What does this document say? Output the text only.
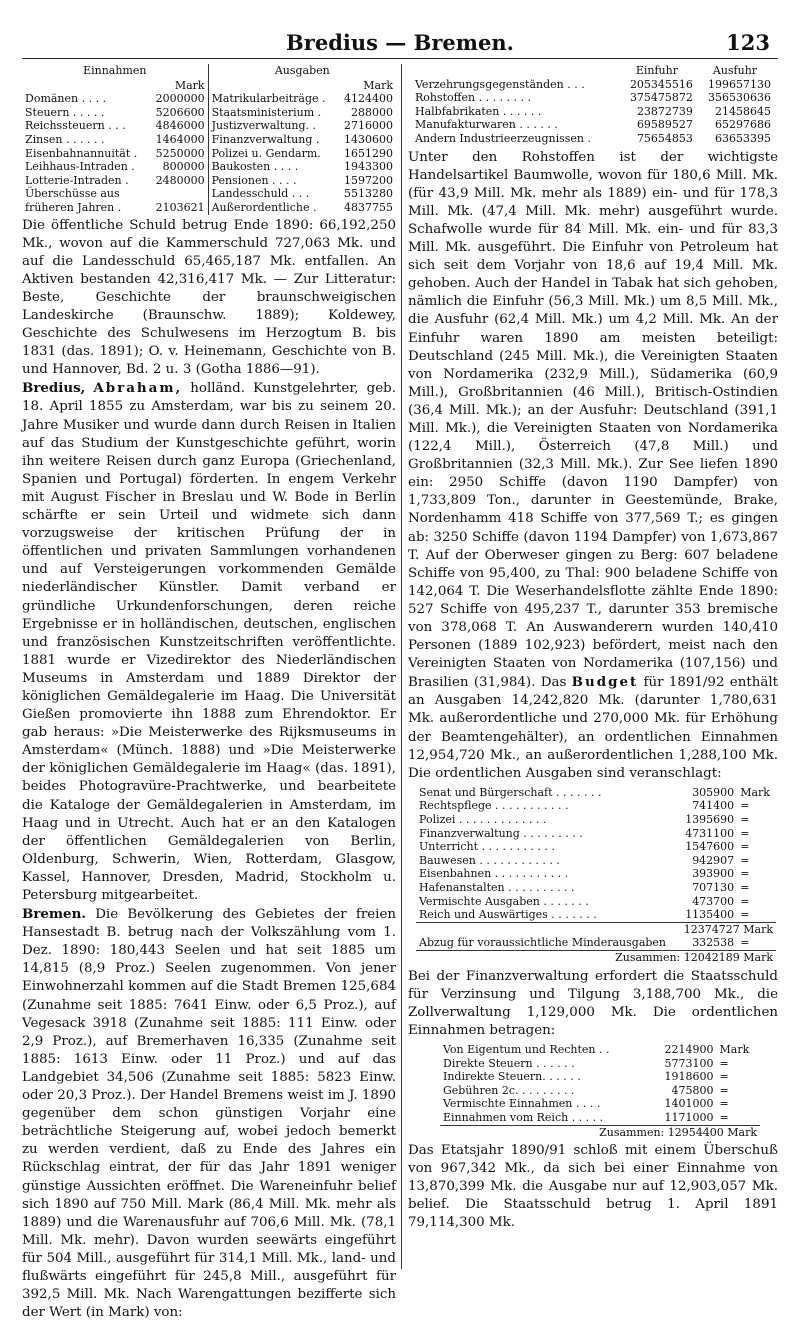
Bredius — Bremen.	123
Einnahmen		Ausgaben	
	Mark		Mark
Domänen . . . .	2000000	Matrikularbeiträge .	4124400
Steuern . . . . .	5206600	Staatsministerium .	288000
Reichssteuern . . .	4846000	Justizverwaltung. .	2716000
Zinsen . . . . . .	1464000	Finanzverwaltung .	1430600
Eisenbahnannuität .	5250000	Polizei u. Gendarm.	1651290
Leihhaus-Intraden .	800000	Baukosten . . . .	1943300
Lotterie-Intraden .	2480000	Pensionen . . . .	1597200
Überschüsse aus		Landesschuld . . .	5513280
früheren Jahren .	2103621	Außerordentliche .	4837755

Die öffentliche Schuld betrug Ende 1890: 66,192,250 Mk., wovon auf die Kammerschuld 727,063 Mk. und auf die Landesschuld 65,465,187 Mk. entfallen. An Aktiven bestanden 42,316,417 Mk. — Zur Litteratur: Beste, Geschichte der braunschweigischen Landeskirche (Braunschw. 1889); Koldewey, Geschichte des Schulwesens im Herzogtum B. bis 1831 (das. 1891); O. v. Heinemann, Geschichte von B. und Hannover, Bd. 2 u. 3 (Gotha 1886—91).

Bredius, Abraham, holländ. Kunstgelehrter, geb. 18. April 1855 zu Amsterdam, war bis zu seinem 20. Jahre Musiker und wurde dann durch Reisen in Italien auf das Studium der Kunstgeschichte geführt, worin ihn weitere Reisen durch ganz Europa (Griechenland, Spanien und Portugal) förderten. In engem Verkehr mit August Fischer in Breslau und W. Bode in Berlin schärfte er sein Urteil und widmete sich dann vorzugsweise der kritischen Prüfung der in öffentlichen und privaten Sammlungen vorhandenen und auf Versteigerungen vorkommenden Gemälde niederländischer Künstler. Damit verband er gründliche Urkundenforschungen, deren reiche Ergebnisse er in holländischen, deutschen, englischen und französischen Kunstzeitschriften veröffentlichte. 1881 wurde er Vizedirektor des Niederländischen Museums in Amsterdam und 1889 Direktor der königlichen Gemäldegalerie im Haag. Die Universität Gießen promovierte ihn 1888 zum Ehrendoktor. Er gab heraus: »Die Meisterwerke des Rijksmuseums in Amsterdam« (Münch. 1888) und »Die Meisterwerke der königlichen Gemäldegalerie im Haag« (das. 1891), beides Photogravüre-Prachtwerke, und bearbeitete die Kataloge der Gemäldegalerien in Amsterdam, im Haag und in Utrecht. Auch hat er an den Katalogen der öffentlichen Gemäldegalerien von Berlin, Oldenburg, Schwerin, Wien, Rotterdam, Glasgow, Kassel, Hannover, Dresden, Madrid, Stockholm u. Petersburg mitgearbeitet.

Bremen. Die Bevölkerung des Gebietes der freien Hansestadt B. betrug nach der Volkszählung vom 1. Dez. 1890: 180,443 Seelen und hat seit 1885 um 14,815 (8,9 Proz.) Seelen zugenommen. Von jener Einwohnerzahl kommen auf die Stadt Bremen 125,684 (Zunahme seit 1885: 7641 Einw. oder 6,5 Proz.), auf Vegesack 3918 (Zunahme seit 1885: 111 Einw. oder 2,9 Proz.), auf Bremerhaven 16,335 (Zunahme seit 1885: 1613 Einw. oder 11 Proz.) und auf das Landgebiet 34,506 (Zunahme seit 1885: 5823 Einw. oder 20,3 Proz.). Der Handel Bremens weist im J. 1890 gegenüber dem schon günstigen Vorjahr eine beträchtliche Steigerung auf, wobei jedoch bemerkt zu werden verdient, daß zu Ende des Jahres ein Rückschlag eintrat, der für das Jahr 1891 weniger günstige Aussichten eröffnet. Die Wareneinfuhr belief sich 1890 auf 750 Mill. Mark (86,4 Mill. Mk. mehr als 1889) und die Warenausfuhr auf 706,6 Mill. Mk. (78,1 Mill. Mk. mehr). Davon wurden seewärts eingeführt für 504 Mill., ausgeführt für 314,1 Mill. Mk., land- und flußwärts eingeführt für 245,8 Mill., ausgeführt für 392,5 Mill. Mk. Nach Warengattungen bezifferte sich der Wert (in Mark) von:

	Einfuhr	Ausfuhr
Verzehrungsgegenständen . . .	205345516	199657130
Rohstoffen . . . . . . . .	375475872	356530636
Halbfabrikaten . . . . . .	23872739	21458645
Manufakturwaren . . . . . .	69589527	65297686
Andern Industrieerzeugnissen .	75654853	63653395

Unter den Rohstoffen ist der wichtigste Handelsartikel Baumwolle, wovon für 180,6 Mill. Mk. (für 43,9 Mill. Mk. mehr als 1889) ein- und für 178,3 Mill. Mk. (47,4 Mill. Mk. mehr) ausgeführt wurde. Schafwolle wurde für 84 Mill. Mk. ein- und für 83,3 Mill. Mk. ausgeführt. Die Einfuhr von Petroleum hat sich seit dem Vorjahr von 18,6 auf 19,4 Mill. Mk. gehoben. Auch der Handel in Tabak hat sich gehoben, nämlich die Einfuhr (56,3 Mill. Mk.) um 8,5 Mill. Mk., die Ausfuhr (62,4 Mill. Mk.) um 4,2 Mill. Mk. An der Einfuhr waren 1890 am meisten beteiligt: Deutschland (245 Mill. Mk.), die Vereinigten Staaten von Nordamerika (232,9 Mill.), Südamerika (60,9 Mill.), Großbritannien (46 Mill.), Britisch-Ostindien (36,4 Mill. Mk.); an der Ausfuhr: Deutschland (391,1 Mill. Mk.), die Vereinigten Staaten von Nordamerika (122,4 Mill.), Österreich (47,8 Mill.) und Großbritannien (32,3 Mill. Mk.). Zur See liefen 1890 ein: 2950 Schiffe (davon 1190 Dampfer) von 1,733,809 Ton., darunter in Geestemünde, Brake, Nordenhamm 418 Schiffe von 377,569 T.; es gingen ab: 3250 Schiffe (davon 1194 Dampfer) von 1,673,867 T. Auf der Oberweser gingen zu Berg: 607 beladene Schiffe von 95,400, zu Thal: 900 beladene Schiffe von 142,064 T. Die Weserhandelsflotte zählte Ende 1890: 527 Schiffe von 495,237 T., darunter 353 bremische von 378,068 T. An Auswanderern wurden 140,410 Personen (1889 102,923) befördert, meist nach den Vereinigten Staaten von Nordamerika (107,156) und Brasilien (31,984). Das Budget für 1891/92 enthält an Ausgaben 14,242,820 Mk. (darunter 1,780,631 Mk. außerordentliche und 270,000 Mk. für Erhöhung der Beamtengehälter), an ordentlichen Einnahmen 12,954,720 Mk., an außerordentlichen 1,288,100 Mk. Die ordentlichen Ausgaben sind veranschlagt:

Senat und Bürgerschaft . . . . . . .	305900	Mark
Rechtspflege . . . . . . . . . . .	741400	=
Polizei . . . . . . . . . . . . .	1395690	=
Finanzverwaltung . . . . . . . . .	4731100	=
Unterricht . . . . . . . . . . .	1547600	=
Bauwesen . . . . . . . . . . . .	942907	=
Eisenbahnen . . . . . . . . . . .	393900	=
Hafenanstalten . . . . . . . . . .	707130	=
Vermischte Ausgaben . . . . . . .	473700	=
Reich und Auswärtiges . . . . . . .	1135400	=
	12374727 Mark	
Abzug für voraussichtliche Minderausgaben	332538	=
Zusammen: 12042189 Mark		

Bei der Finanzverwaltung erfordert die Staatsschuld für Verzinsung und Tilgung 3,188,700 Mk., die Zollverwaltung 1,129,000 Mk. Die ordentlichen Einnahmen betragen:

Von Eigentum und Rechten . .	2214900	Mark
Direkte Steuern . . . . . .	5773100	=
Indirekte Steuern. . . . . .	1918600	=
Gebühren 2c. . . . . . . . .	475800	=
Vermischte Einnahmen . . . .	1401000	=
Einnahmen vom Reich . . . . .	1171000	=
Zusammen: 12954400 Mark		

Das Etatsjahr 1890/91 schloß mit einem Überschuß von 967,342 Mk., da sich bei einer Einnahme von 13,870,399 Mk. die Ausgabe nur auf 12,903,057 Mk. belief. Die Staatsschuld betrug 1. April 1891 79,114,300 Mk.
